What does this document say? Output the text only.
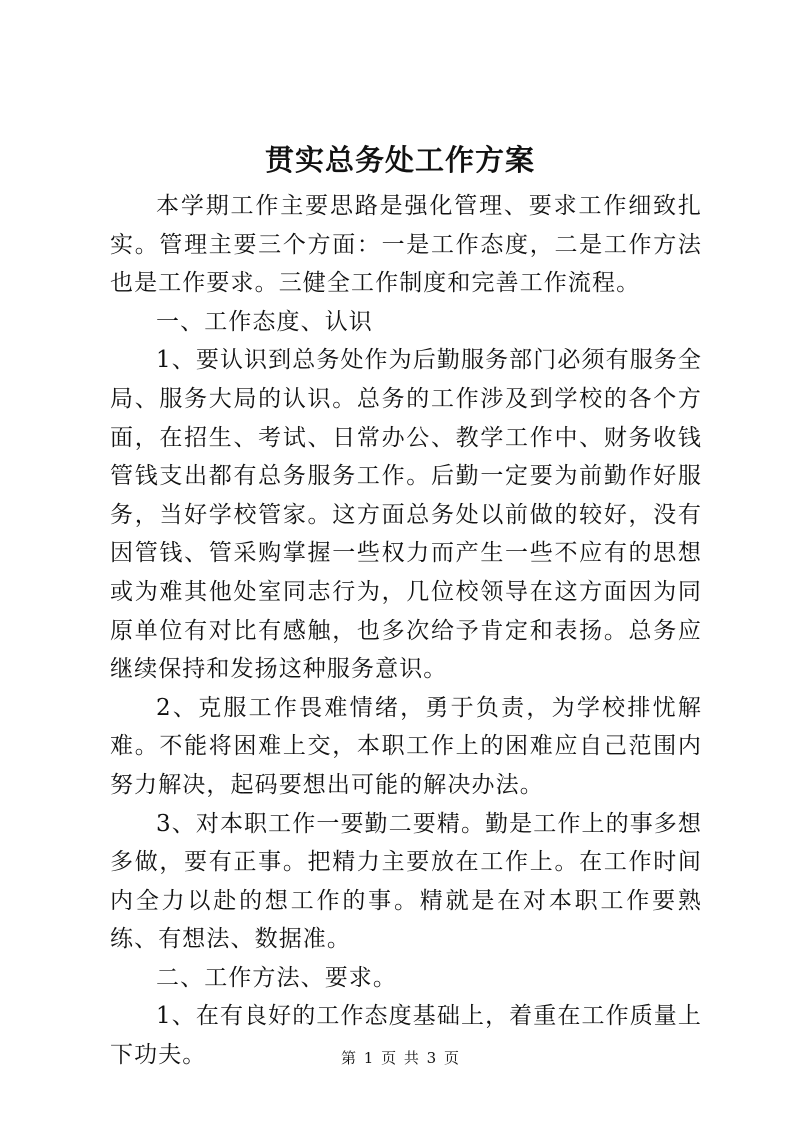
贯实总务处工作方案

本学期工作主要思路是强化管理、要求工作细致扎实。管理主要三个方面：一是工作态度，二是工作方法也是工作要求。三健全工作制度和完善工作流程。

一、工作态度、认识

1、要认识到总务处作为后勤服务部门必须有服务全局、服务大局的认识。总务的工作涉及到学校的各个方面，在招生、考试、日常办公、教学工作中、财务收钱管钱支出都有总务服务工作。后勤一定要为前勤作好服务，当好学校管家。这方面总务处以前做的较好，没有因管钱、管采购掌握一些权力而产生一些不应有的思想或为难其他处室同志行为，几位校领导在这方面因为同原单位有对比有感触，也多次给予肯定和表扬。总务应继续保持和发扬这种服务意识。

2、克服工作畏难情绪，勇于负责，为学校排忧解难。不能将困难上交，本职工作上的困难应自己范围内努力解决，起码要想出可能的解决办法。

3、对本职工作一要勤二要精。勤是工作上的事多想多做，要有正事。把精力主要放在工作上。在工作时间内全力以赴的想工作的事。精就是在对本职工作要熟练、有想法、数据准。

二、工作方法、要求。

1、在有良好的工作态度基础上，着重在工作质量上下功夫。	第 1 页 共 3 页
